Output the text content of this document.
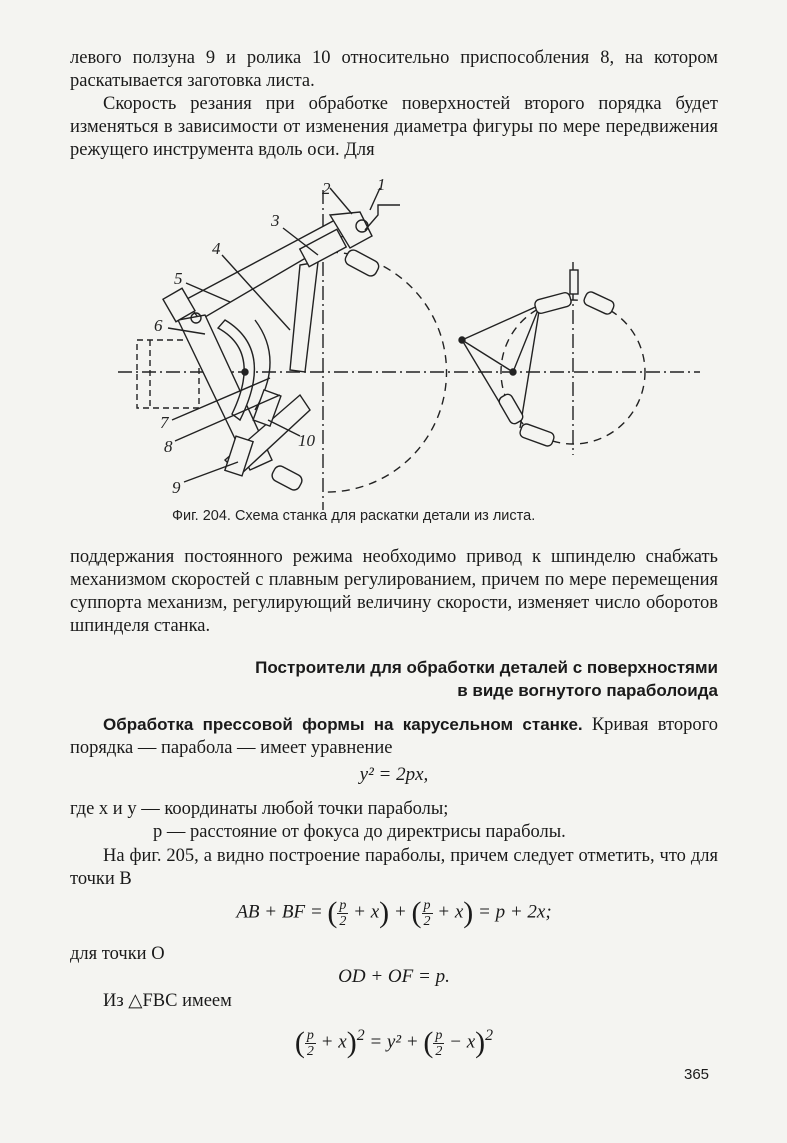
левого ползуна 9 и ролика 10 относительно приспособления 8, на котором раскатывается заготовка листа.

Скорость резания при обработке поверхностей второго порядка будет изменяться в зависимости от изменения диаметра фигуры по мере передвижения режущего инструмента вдоль оси. Для

1
2
3
4
5
6
7
8
9
10
Фиг. 204. Схема станка для раскатки детали из листа.

поддержания постоянного режима необходимо привод к шпинделю снабжать механизмом скоростей с плавным регулированием, причем по мере перемещения суппорта механизм, регулирующий величину скорости, изменяет число оборотов шпинделя станка.

Построители для обработки деталей с поверхностями
в виде вогнутого параболоида

Обработка прессовой формы на карусельном станке. Кривая второго порядка — парабола — имеет уравнение

y² = 2px,
где x и y — координаты любой точки параболы;
p — расстояние от фокуса до директрисы параболы.

На фиг. 205, а видно построение параболы, причем следует отметить, что для точки B

AB + BF = ( $\frac{p}{2} + x$) + ( $\frac{p}{2} + x) = p + 2x$;
для точки O
OD + OF = p.
Из △FBC имеем
( $\frac{p}{2} + x)^2 = y^2$ + ( $\frac{p}{2} - x)^2$
365
